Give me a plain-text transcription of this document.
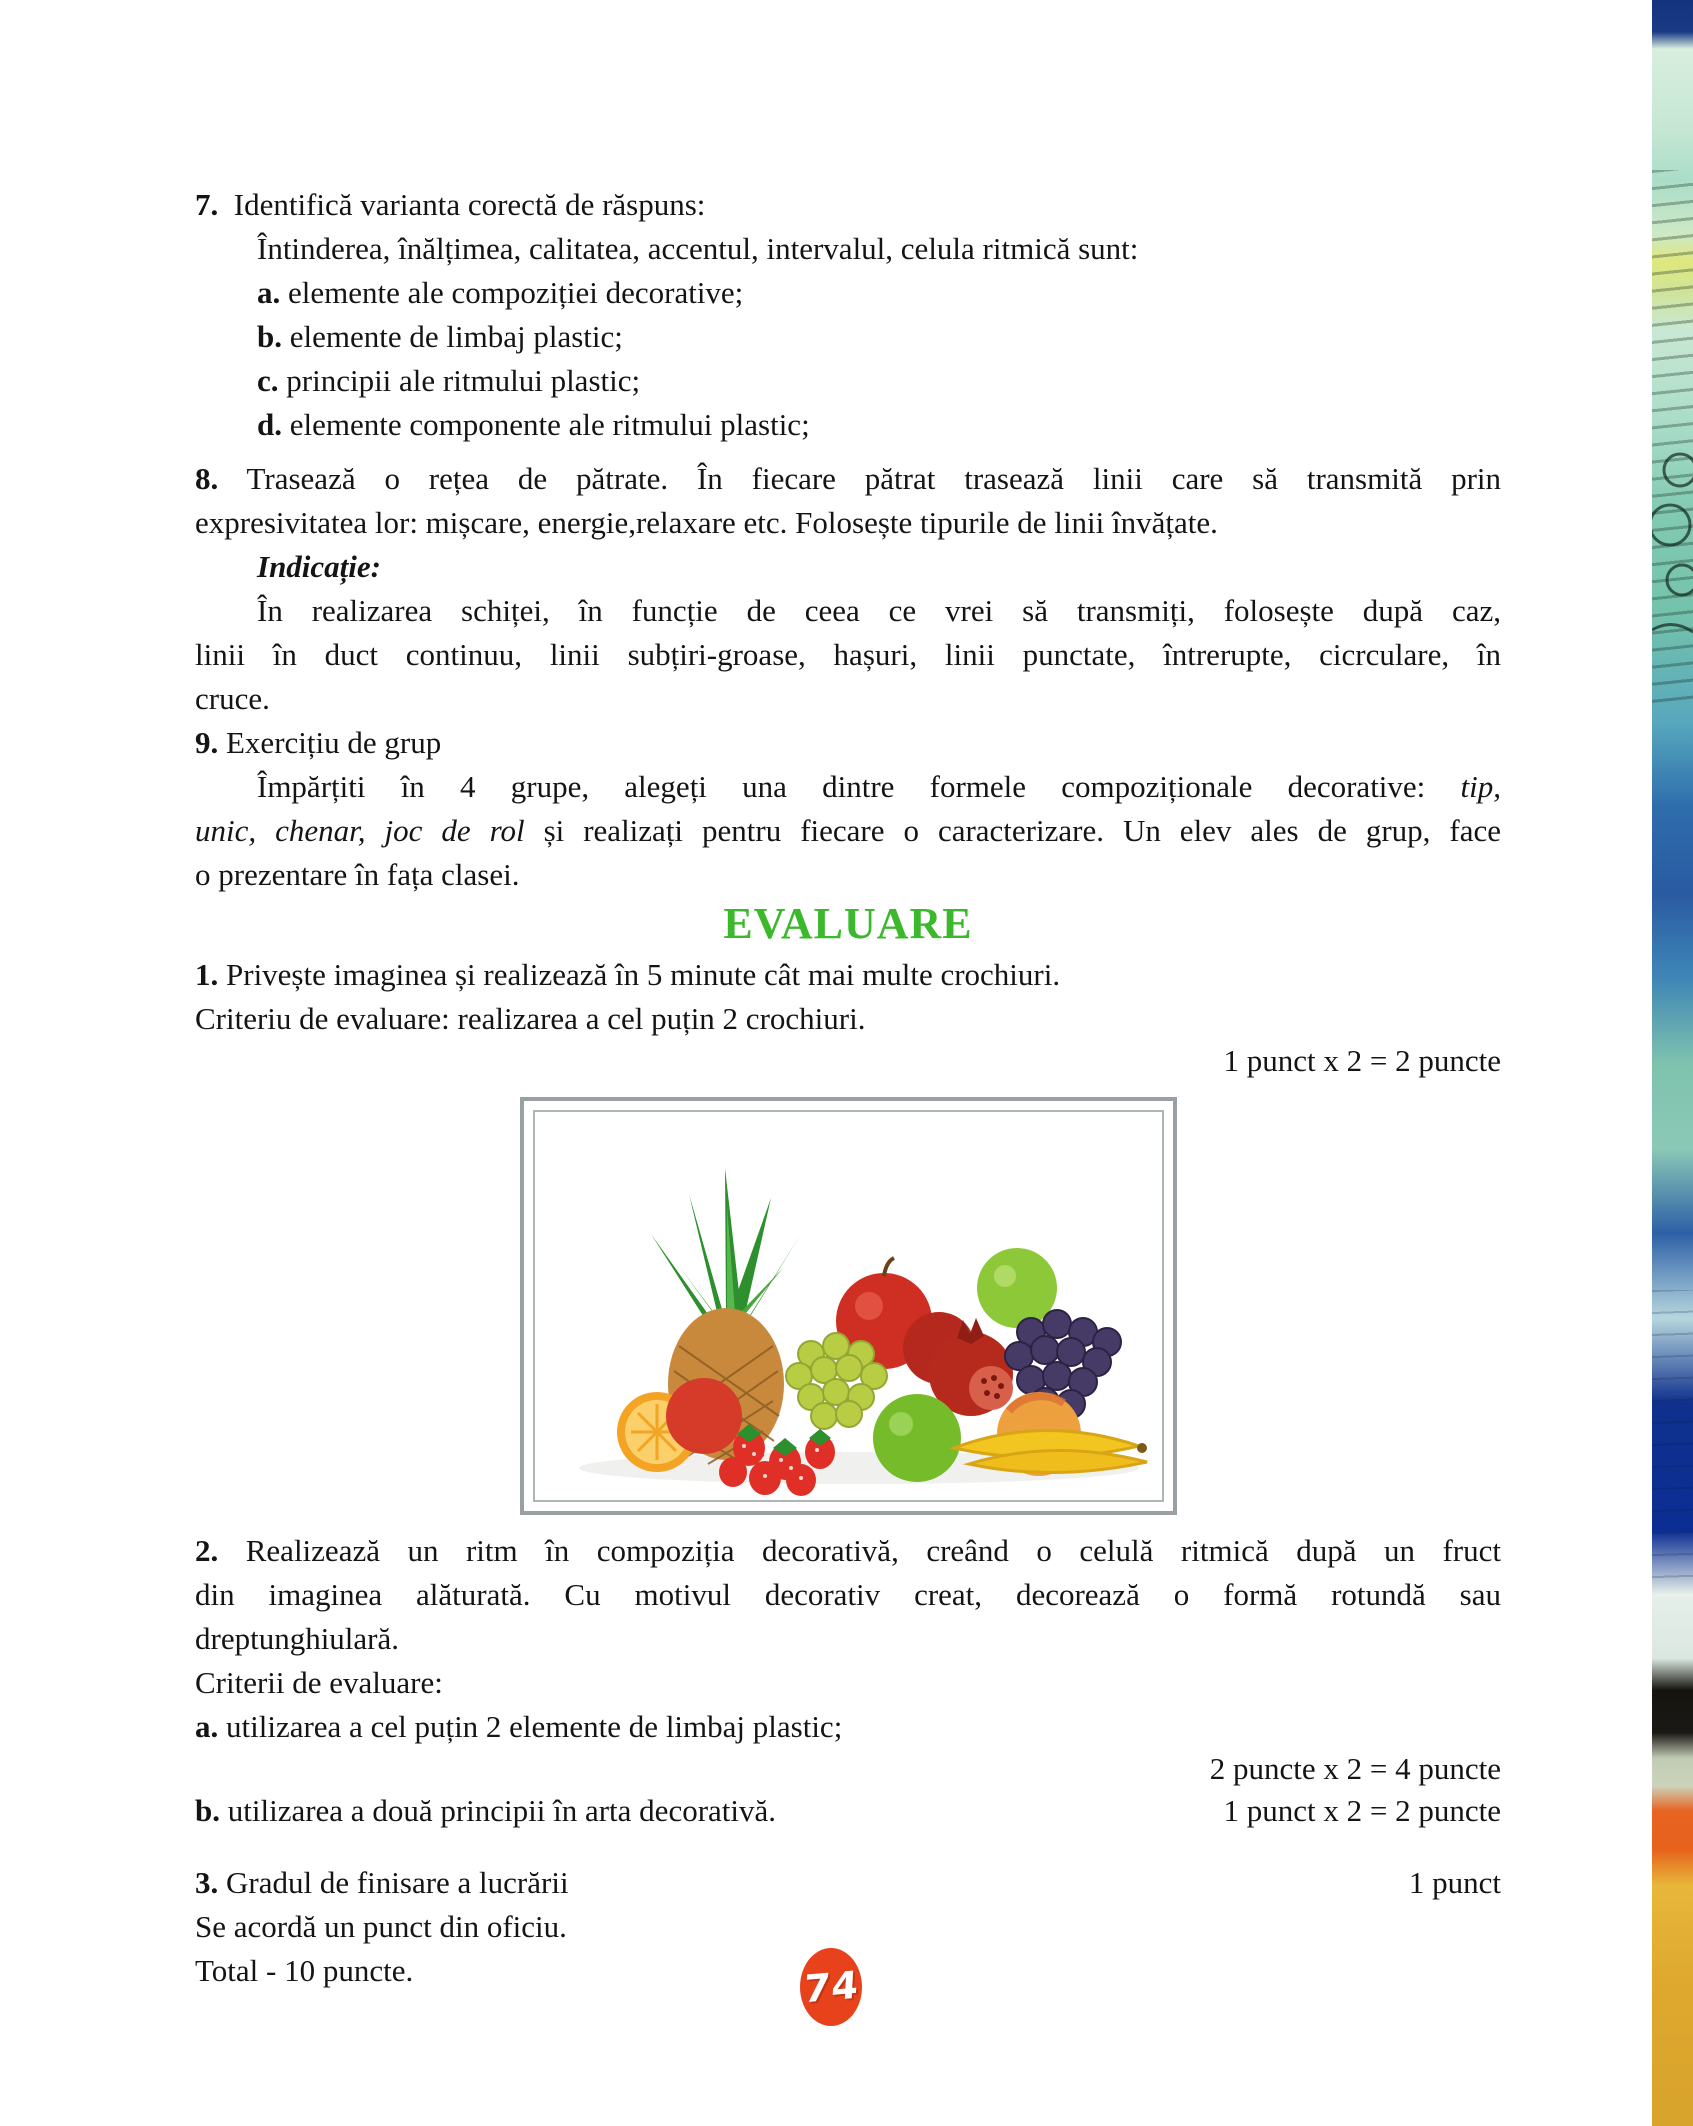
7.  Identifică varianta corectă de răspuns:
Întinderea, înălțimea, calitatea, accentul, intervalul, celula ritmică sunt:
a. elemente ale compoziției decorative;
b. elemente de limbaj plastic;
c. principii ale ritmului plastic;
d. elemente componente ale ritmului plastic;
8. Trasează o rețea de pătrate. În fiecare pătrat trasează linii care să transmită prin
expresivitatea lor: mișcare, energie,relaxare etc. Folosește tipurile de linii învățate.
Indicație:
În realizarea schiței, în funcție de ceea ce vrei să transmiți, folosește după caz,
linii în duct continuu, linii subțiri-groase, hașuri, linii punctate, întrerupte, cicrculare, în
cruce.
9. Exercițiu de grup
Împărțiti în 4 grupe, alegeți una dintre formele compoziționale decorative: tip,
unic, chenar, joc de rol și realizați pentru fiecare o caracterizare. Un elev ales de grup, face
o prezentare în fața clasei.
EVALUARE
1. Privește imaginea și realizează în 5 minute cât mai multe crochiuri.
Criteriu de evaluare: realizarea a cel puțin 2 crochiuri.
1 punct x 2 = 2 puncte
2. Realizează un ritm în compoziția decorativă, creând o celulă ritmică după un fruct
din imaginea alăturată. Cu motivul decorativ creat, decorează o formă rotundă sau
dreptunghiulară.
Criterii de evaluare:
a. utilizarea a cel puțin 2 elemente de limbaj plastic;
2 puncte x 2 = 4 puncte
b. utilizarea a două principii în arta decorativă.	1 punct x 2 = 2 puncte
3. Gradul de finisare a lucrării	1 punct
Se acordă un punct din oficiu.
Total - 10 puncte.	74
